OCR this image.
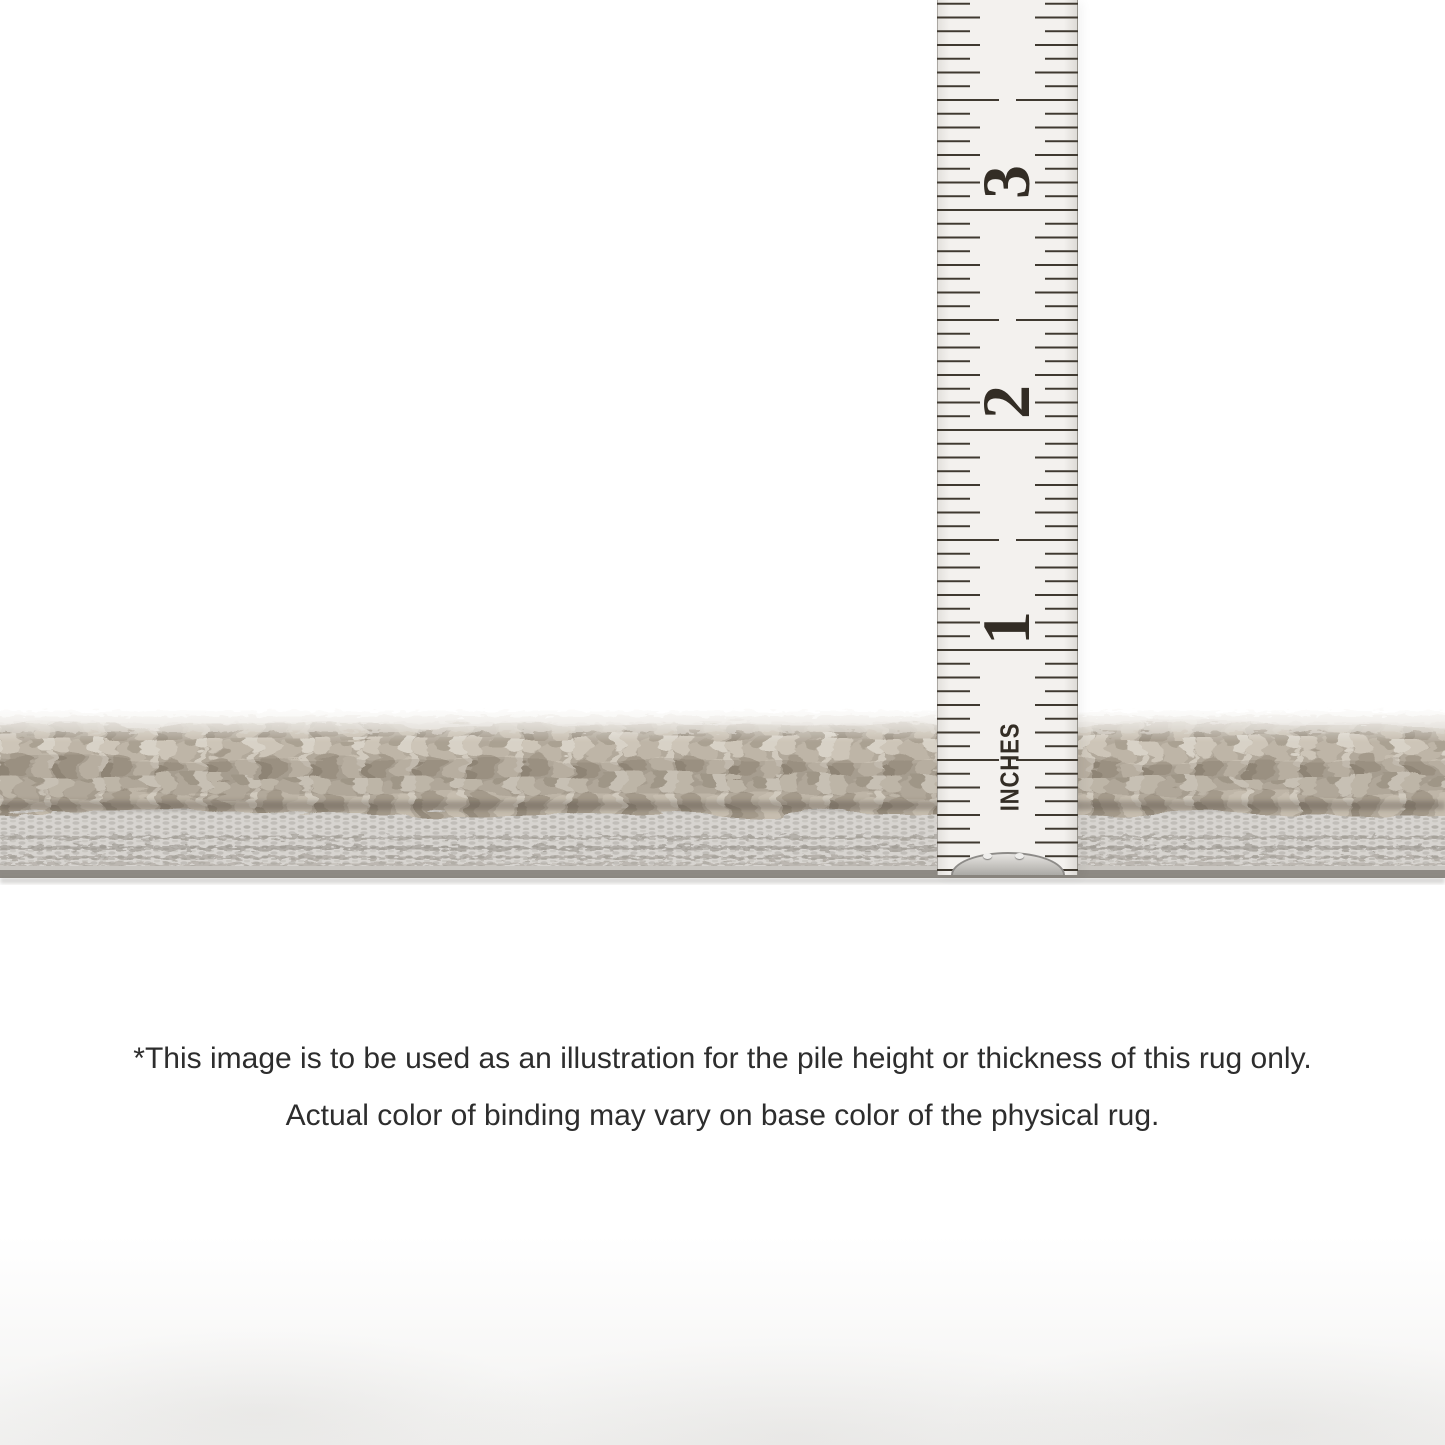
3
2
1
INCHES

*This image is to be used as an illustration for the pile height or thickness of this rug only.

Actual color of binding may vary on base color of the physical rug.
